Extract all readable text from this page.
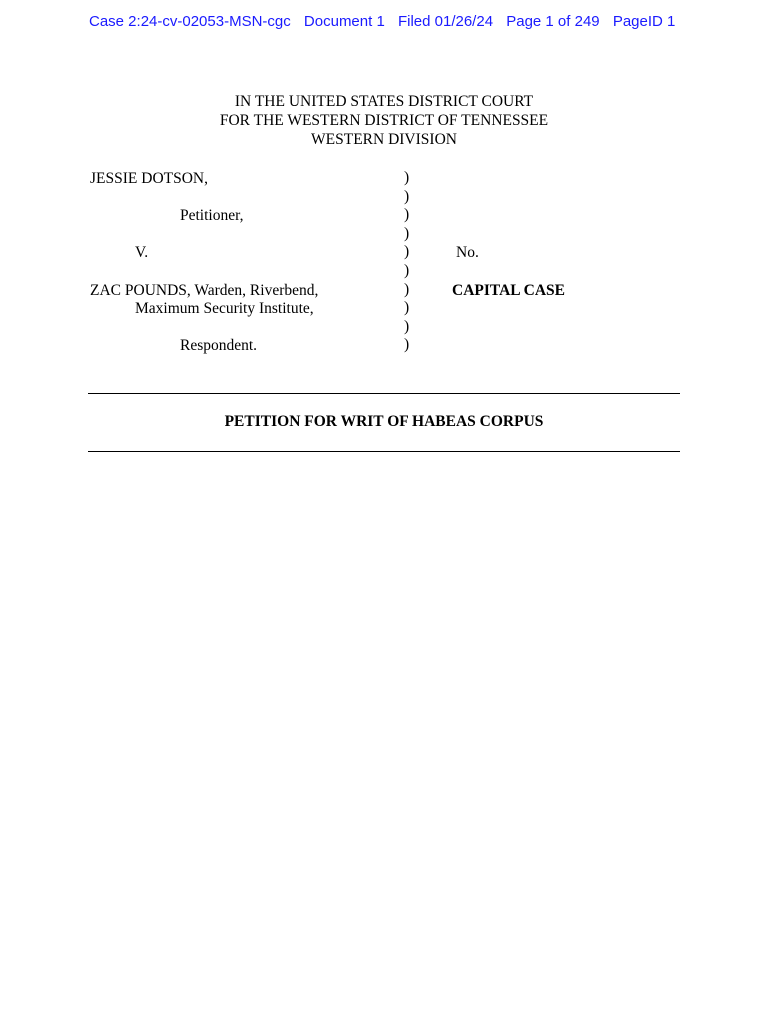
Case 2:24-cv-02053-MSN-cgc Document 1 Filed 01/26/24 Page 1 of 249 PageID 1
IN THE UNITED STATES DISTRICT COURT
FOR THE WESTERN DISTRICT OF TENNESSEE
WESTERN DIVISION
JESSIE DOTSON,
Petitioner,
V.
ZAC POUNDS, Warden, Riverbend,
Maximum Security Institute,
Respondent.
)
)
)
)
)
)
)
)
)
)
No.
CAPITAL CASE
PETITION FOR WRIT OF HABEAS CORPUS
